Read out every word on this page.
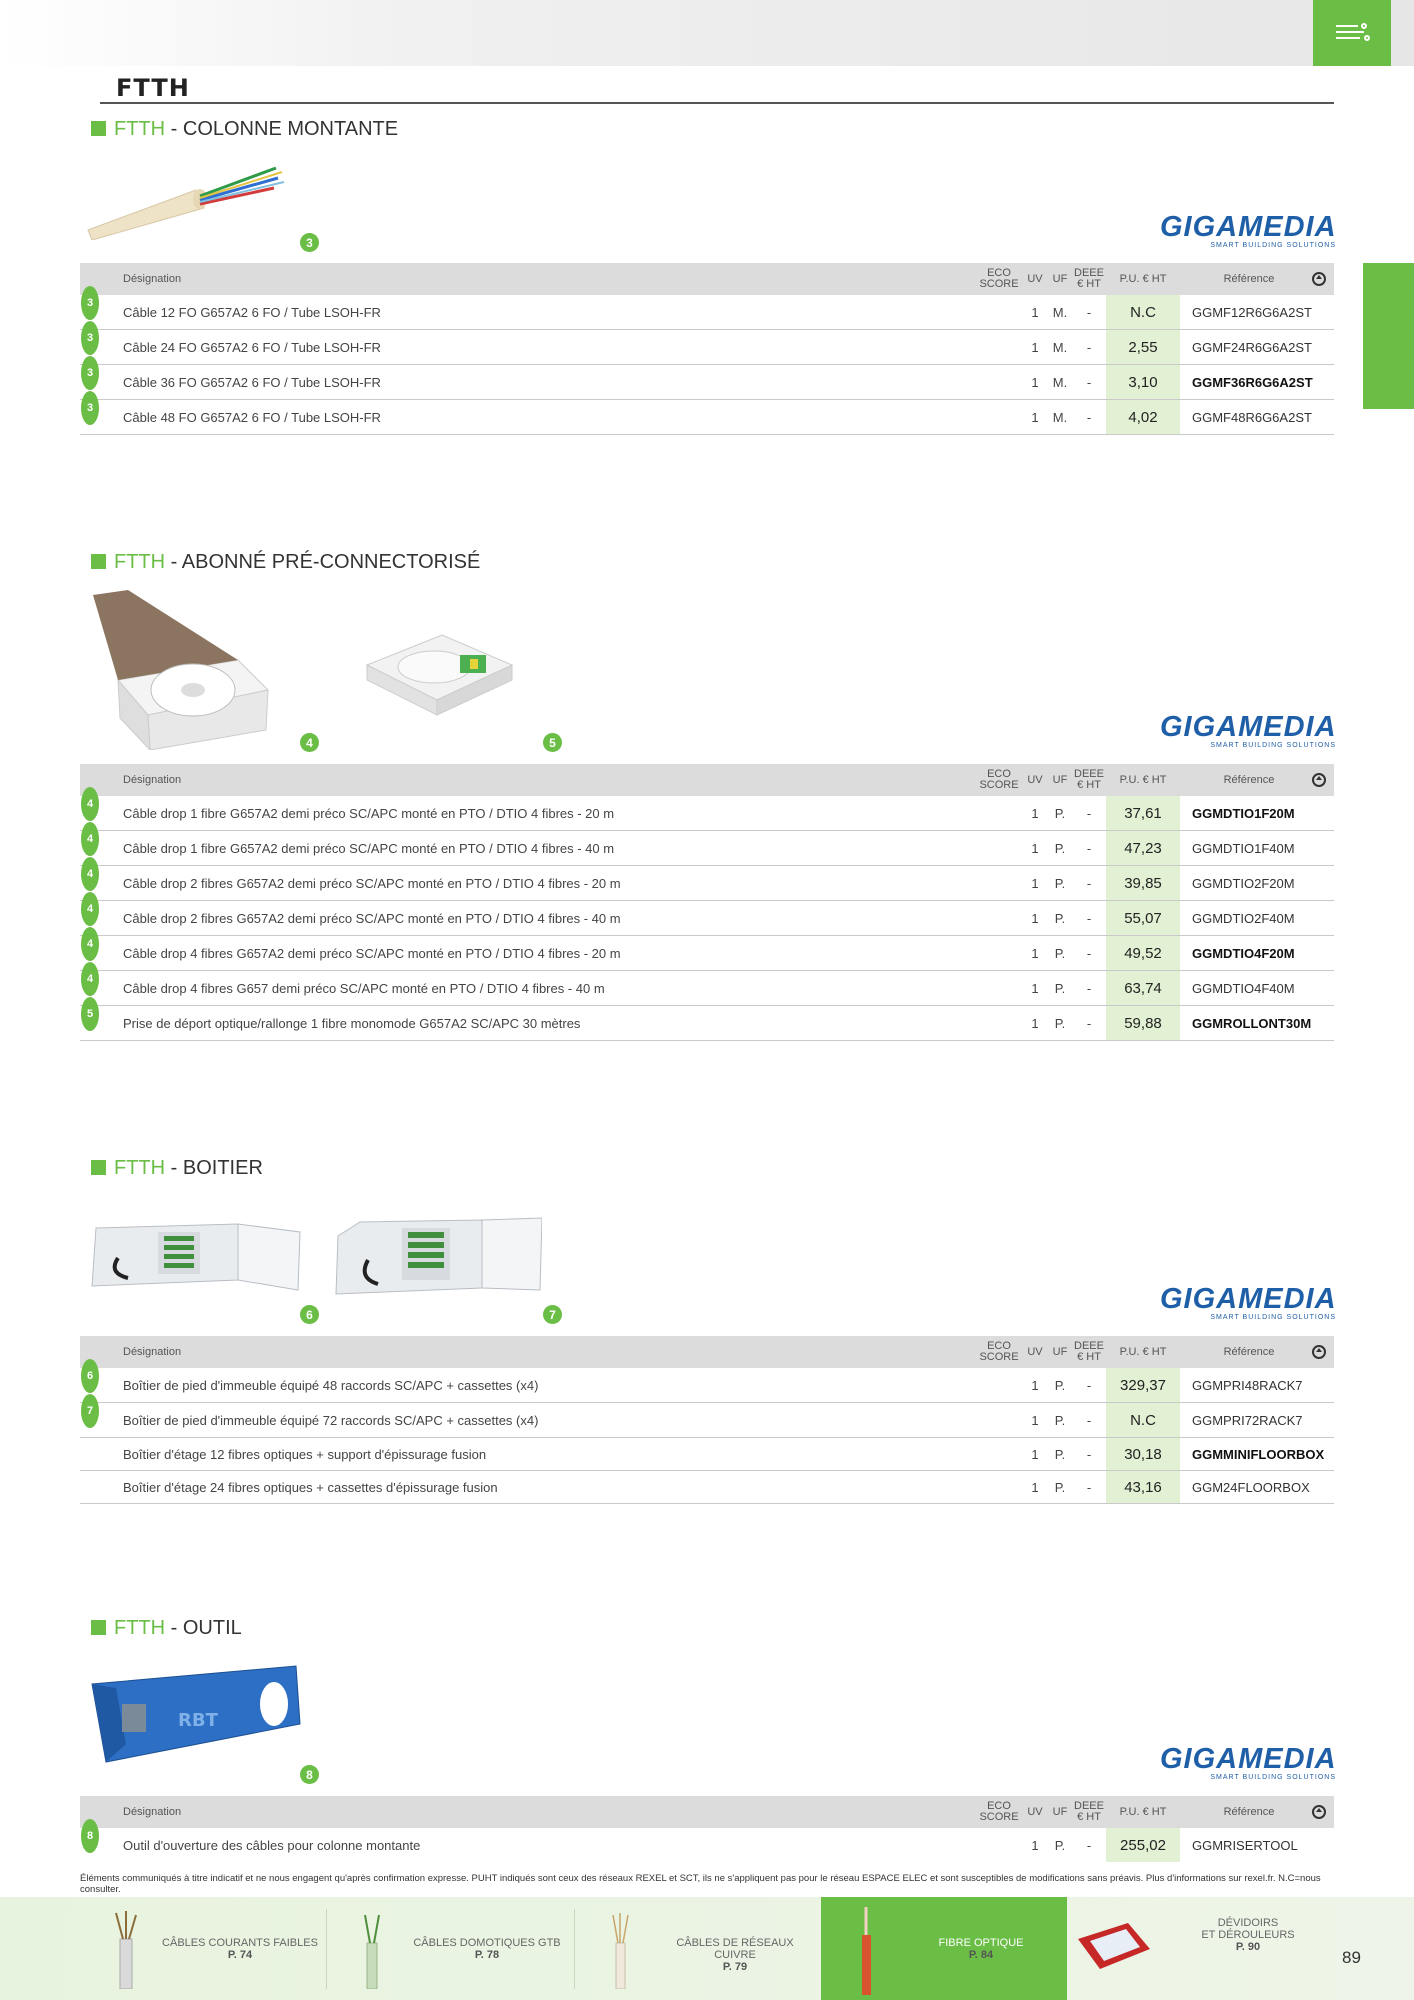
FTTH
FTTH - COLONNE MONTANTE
3	GIGAMEDIA
SMART BUILDING SOLUTIONS
Désignation	ECO SCORE UV UF DEEE € HT	P.U. € HT	Référence
3
Câble 12 FO G657A2 6 FO / Tube LSOH-FR	1	M.	-	N.C	GGMF12R6G6A2ST
3
Câble 24 FO G657A2 6 FO / Tube LSOH-FR	1	M.	-	2,55	GGMF24R6G6A2ST
3
Câble 36 FO G657A2 6 FO / Tube LSOH-FR	1	M.	-	3,10	GGMF36R6G6A2ST
3
Câble 48 FO G657A2 6 FO / Tube LSOH-FR	1	M.	-	4,02	GGMF48R6G6A2ST
FTTH - ABONNÉ PRÉ-CONNECTORISÉ
4	5	GIGAMEDIA
SMART BUILDING SOLUTIONS
Désignation	ECO SCORE UV UF DEEE € HT	P.U. € HT	Référence
4
Câble drop 1 fibre G657A2 demi préco SC/APC monté en PTO / DTIO 4 fibres - 20 m	1	P.	-	37,61	GGMDTIO1F20M
4
Câble drop 1 fibre G657A2 demi préco SC/APC monté en PTO / DTIO 4 fibres - 40 m	1	P.	-	47,23	GGMDTIO1F40M
4
Câble drop 2 fibres G657A2 demi préco SC/APC monté en PTO / DTIO 4 fibres - 20 m	1	P.	-	39,85	GGMDTIO2F20M
4
Câble drop 2 fibres G657A2 demi préco SC/APC monté en PTO / DTIO 4 fibres - 40 m	1	P.	-	55,07	GGMDTIO2F40M
4
Câble drop 4 fibres G657A2 demi préco SC/APC monté en PTO / DTIO 4 fibres - 20 m	1	P.	-	49,52	GGMDTIO4F20M
4
Câble drop 4 fibres G657 demi préco SC/APC monté en PTO / DTIO 4 fibres - 40 m	1	P.	-	63,74	GGMDTIO4F40M
5
Prise de déport optique/rallonge 1 fibre monomode G657A2 SC/APC 30 mètres	1	P.	-	59,88	GGMROLLONT30M
FTTH - BOITIER
6	7	GIGAMEDIA
SMART BUILDING SOLUTIONS
Désignation	ECO SCORE UV UF DEEE € HT	P.U. € HT	Référence
6
Boîtier de pied d'immeuble équipé 48 raccords SC/APC + cassettes (x4)	1	P.	-	329,37	GGMPRI48RACK7
7
Boîtier de pied d'immeuble équipé 72 raccords SC/APC + cassettes (x4)	1	P.	-	N.C	GGMPRI72RACK7
Boîtier d'étage 12 fibres optiques + support d'épissurage fusion	1	P.	-	30,18	GGMMINIFLOORBOX
Boîtier d'étage 24 fibres optiques + cassettes d'épissurage fusion	1	P.	-	43,16	GGM24FLOORBOX
FTTH - OUTIL
RBT
8	GIGAMEDIA
SMART BUILDING SOLUTIONS
Désignation	ECO SCORE UV UF DEEE € HT	P.U. € HT	Référence
8
Outil d'ouverture des câbles pour colonne montante	1	P.	-	255,02	GGMRISERTOOL
Éléments communiqués à titre indicatif et ne nous engagent qu'après confirmation expresse. PUHT indiqués sont ceux des réseaux REXEL et SCT, ils ne s'appliquent pas pour le réseau ESPACE ELEC et sont susceptibles de modifications sans préavis. Plus d'informations sur rexel.fr. N.C=nous consulter.
CÂBLES COURANTS FAIBLES
P. 74
CÂBLES DOMOTIQUES GTB
P. 78
CÂBLES DE RÉSEAUX CUIVRE
P. 79
FIBRE OPTIQUE
P. 84
DÉVIDOIRS
ET DÉROULEURS
P. 90
89
